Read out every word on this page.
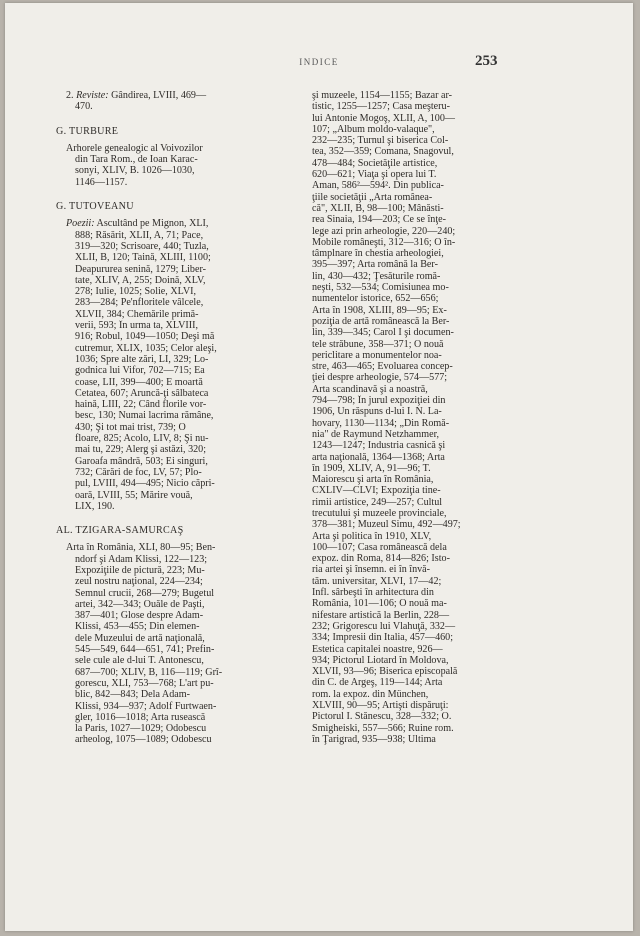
INDICE	253
2. Reviste: Gândirea, LVIII, 469—
470.
G. TURBURE
Arhorele genealogic al Voivozilor
din Tara Rom., de Ioan Karac-
sonyi, XLIV, B. 1026—1030,
1146—1157.
G. TUTOVEANU
Poezii: Ascultând pe Mignon, XLI,
888; Răsărit, XLII, A, 71; Pace,
319—320; Scrisoare, 440; Tuzla,
XLII, B, 120; Taină, XLIII, 1100;
Deapururea senină, 1279; Liber-
tate, XLIV, A, 255; Doină, XLV,
278; Iulie, 1025; Solie, XLVI,
283—284; Pe'nfloritele vâlcele,
XLVII, 384; Chemările primă-
verii, 593; În urma ta, XLVIII,
916; Robul, 1049—1050; Deşi mă
cutremur, XLIX, 1035; Celor aleşi,
1036; Spre alte zări, LI, 329; Lo-
godnica lui Vifor, 702—715; Ea
coase, LII, 399—400; E moartă
Cetatea, 607; Aruncă-ţi sâlbateca
haină, LIII, 22; Când florile vor-
besc, 130; Numai lacrima rămâne,
430; Şi tot mai trist, 739; O
floare, 825; Acolo, LIV, 8; Şi nu-
mai tu, 229; Alerg şi astăzi, 320;
Garoafa mândră, 503; Ei singuri,
732; Cărări de foc, LV, 57; Plo-
pul, LVIII, 494—495; Nicio căpri-
oară, LVIII, 55; Mărire vouă,
LIX, 190.
AL. TZIGARA-SAMURCAŞ
Arta în România, XLI, 80—95; Ben-
ndorf şi Adam Klissi, 122—123;
Expoziţiile de pictură, 223; Mu-
zeul nostru naţional, 224—234;
Semnul crucii, 268—279; Bugetul
artei, 342—343; Ouăle de Paşti,
387—401; Glose despre Adam-
Klissi, 453—455; Din elemen-
dele Muzeului de artă naţională,
545—549, 644—651, 741; Prefin-
sele cule ale d-lui T. Antonescu,
687—700; XLIV, B, 116—119; Grî-
gorescu, XLI, 753—768; L'art pu-
blic, 842—843; Dela Adam-
Klissi, 934—937; Adolf Furtwaen-
gler, 1016—1018; Arta rusească
la Paris, 1027—1029; Odobescu
arheolog, 1075—1089; Odobescu
şi muzeele, 1154—1155; Bazar ar-
tistic, 1255—1257; Casa meşteru-
lui Antonie Mogoş, XLII, A, 100—
107; „Album moldo-valaque",
232—235; Turnul şi biserica Col-
tea, 352—359; Comana, Snagovul,
478—484; Societăţile artistice,
620—621; Viaţa şi opera lui T.
Aman, 586²—594². Din publica-
ţiile societăţii „Arta românea-
că", XLII, B, 98—100; Mânăsti-
rea Sinaia, 194—203; Ce se înţe-
lege azi prin arheologie, 220—240;
Mobile româneşti, 312—316; O în-
tâmplnare în chestia arheologiei,
395—397; Arta română la Ber-
lin, 430—432; Ţesăturile romă-
neşti, 532—534; Comisiunea mo-
numentelor istorice, 652—656;
Arta în 1908, XLIII, 89—95; Ex-
poziţia de artă românească la Ber-
lin, 339—345; Carol I şi documen-
tele străbune, 358—371; O nouă
periclitare a monumentelor noa-
stre, 463—465; Evoluarea concep-
ţiei despre arheologie, 574—577;
Arta scandinavă şi a noastră,
794—798; În jurul expoziţiei din
1906, Un răspuns d-lui I. N. La-
hovary, 1130—1134; „Din Romă-
nia" de Raymund Netzhammer,
1243—1247; Industria casnică şi
arta naţională, 1364—1368; Arta
în 1909, XLIV, A, 91—96; T.
Maiorescu şi arta în România,
CXLIV—CLVI; Expoziţia tine-
rimii artistice, 249—257; Cultul
trecutului şi muzeele provinciale,
378—381; Muzeul Simu, 492—497;
Arta şi politica în 1910, XLV,
100—107; Casa românească dela
expoz. din Roma, 814—826; Isto-
ria artei şi însemn. ei în învă-
tăm. universitar, XLVI, 17—42;
Infl. sârbeşti în arhitectura din
România, 101—106; O nouă ma-
nifestare artistică la Berlin, 228—
232; Grigorescu lui Vlahuţă, 332—
334; Impresii din Italia, 457—460;
Estetica capitalei noastre, 926—
934; Pictorul Liotard în Moldova,
XLVII, 93—96; Biserica episcopală
din C. de Argeş, 119—144; Arta
rom. la expoz. din München,
XLVIII, 90—95; Artişti dispăruţi:
Pictorul I. Stănescu, 328—332; O.
Smigheiski, 557—566; Ruine rom.
în Ţarigrad, 935—938; Ultima
